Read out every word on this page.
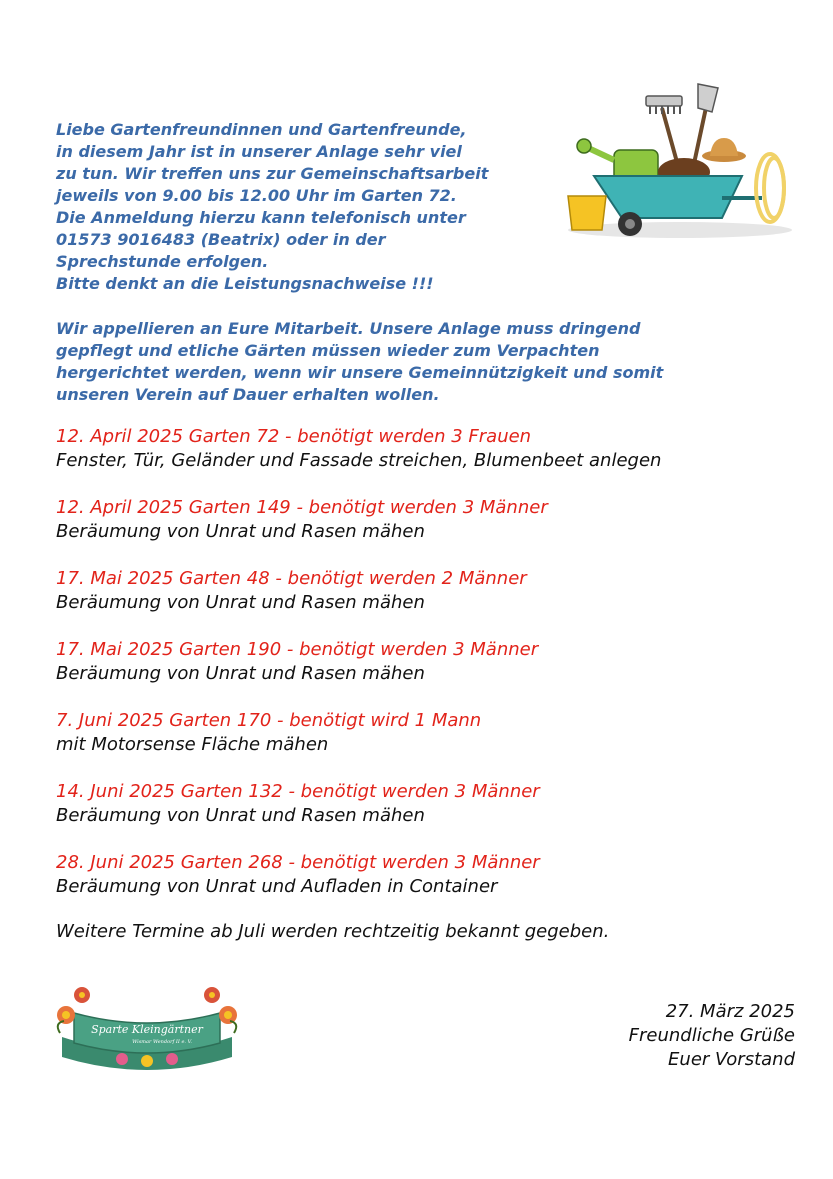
Liebe Gartenfreundinnen und Gartenfreunde,
in diesem Jahr ist in unserer Anlage sehr viel
zu tun. Wir treffen uns zur Gemeinschaftsarbeit
jeweils von 9.00 bis 12.00 Uhr im Garten 72.
Die Anmeldung hierzu kann telefonisch unter
01573 9016483 (Beatrix) oder in der
Sprechstunde erfolgen.
Bitte denkt an die Leistungsnachweise !!!
Wir appellieren an Eure Mitarbeit. Unsere Anlage muss dringend
gepflegt und etliche Gärten müssen wieder zum Verpachten
hergerichtet werden, wenn wir unsere Gemeinnützigkeit und somit
unseren Verein auf Dauer erhalten wollen.
12. April 2025 Garten 72 - benötigt werden 3 Frauen
Fenster, Tür, Geländer und Fassade streichen, Blumenbeet anlegen
12. April 2025 Garten 149 - benötigt werden 3 Männer
Beräumung von Unrat und Rasen mähen
17. Mai 2025 Garten 48 - benötigt werden 2 Männer
Beräumung von Unrat und Rasen mähen
17. Mai 2025 Garten 190 - benötigt werden 3 Männer
Beräumung von Unrat und Rasen mähen
7. Juni 2025 Garten 170 - benötigt wird 1 Mann
mit Motorsense Fläche mähen
14. Juni 2025 Garten 132 - benötigt werden 3 Männer
Beräumung von Unrat und Rasen mähen
28. Juni 2025 Garten 268 - benötigt werden 3 Männer
Beräumung von Unrat und Aufladen in Container
Weitere Termine ab Juli werden rechtzeitig bekannt gegeben.
Sparte Kleingärtner
Wismar Wendorf II e. V.
27. März 2025
Freundliche Grüße
Euer Vorstand
